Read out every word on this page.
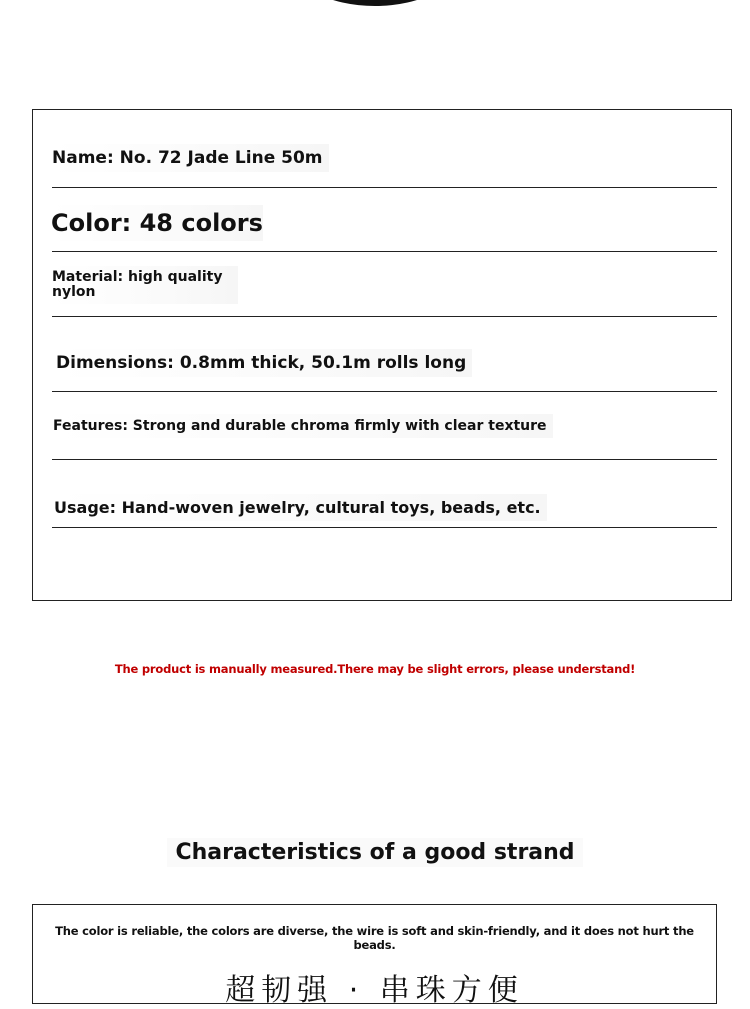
Name: No. 72 Jade Line 50m
Color: 48 colors
Material: high quality nylon
Dimensions: 0.8mm thick, 50.1m rolls long
Features: Strong and durable chroma firmly with clear texture
Usage: Hand-woven jewelry, cultural toys, beads, etc.
The product is manually measured.There may be slight errors, please understand!
Characteristics of a good strand
The color is reliable, the colors are diverse, the wire is soft and skin-friendly, and it does not hurt the beads.
超韧强 · 串珠方便
